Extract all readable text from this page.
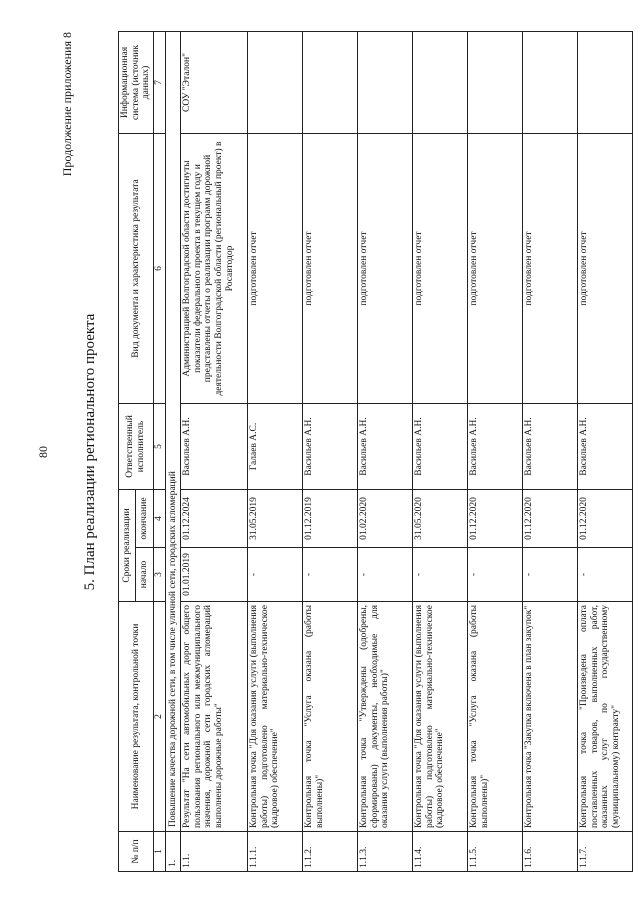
80
Продолжение приложения 8
5. План реализации регионального проекта
№ п/п	Наименование результата, контрольной точки	Сроки реализации		Ответственный исполнитель	Вид документа и характеристика результата	Информационная система (источник данных)
		начало	окончание			
1	2	3	4	5	6	7
1.	Повышение качества дорожной сети, в том числе уличной сети, городских агломераций					
1.1.	Результат "На сети автомобильных дорог общего пользования регионального или межмуниципального значения, дорожной сети городских агломераций выполнены дорожные работы"	01.01.2019	01.12.2024	Васильев А.Н.	Администрацией Волгоградской области достигнуты показатели федерального проекта в текущем году и представлены отчеты о реализации программ дорожной деятельности Волгоградской области (региональный проект) в Росавтодор	СОУ "Эталон"
1.1.1.	Контрольная точка "Для оказания услуги (выполнения работы) подготовлено материально-техническое (кадровое) обеспечение"	-	31.05.2019	Галаев А.С.	подготовлен отчет	
1.1.2.	Контрольная точка "Услуга оказана (работы выполнены)"	-	01.12.2019	Васильев А.Н.	подготовлен отчет	
1.1.3.	Контрольная точка "Утверждены (одобрены, сформированы) документы, необходимые для оказания услуги (выполнения работы)"	-	01.02.2020	Васильев А.Н.	подготовлен отчет	
1.1.4.	Контрольная точка "Для оказания услуги (выполнения работы) подготовлено материально-техническое (кадровое) обеспечение"	-	31.05.2020	Васильев А.Н.	подготовлен отчет	
1.1.5.	Контрольная точка "Услуга оказана (работы выполнены)"	-	01.12.2020	Васильев А.Н.	подготовлен отчет	
1.1.6.	Контрольная точка "Закупка включена в план закупок"	-	01.12.2020	Васильев А.Н.	подготовлен отчет	
1.1.7.	Контрольная точка "Произведена оплата поставленных товаров, выполненных работ, оказанных услуг по государственному (муниципальному) контракту"	-	01.12.2020	Васильев А.Н.	подготовлен отчет	
